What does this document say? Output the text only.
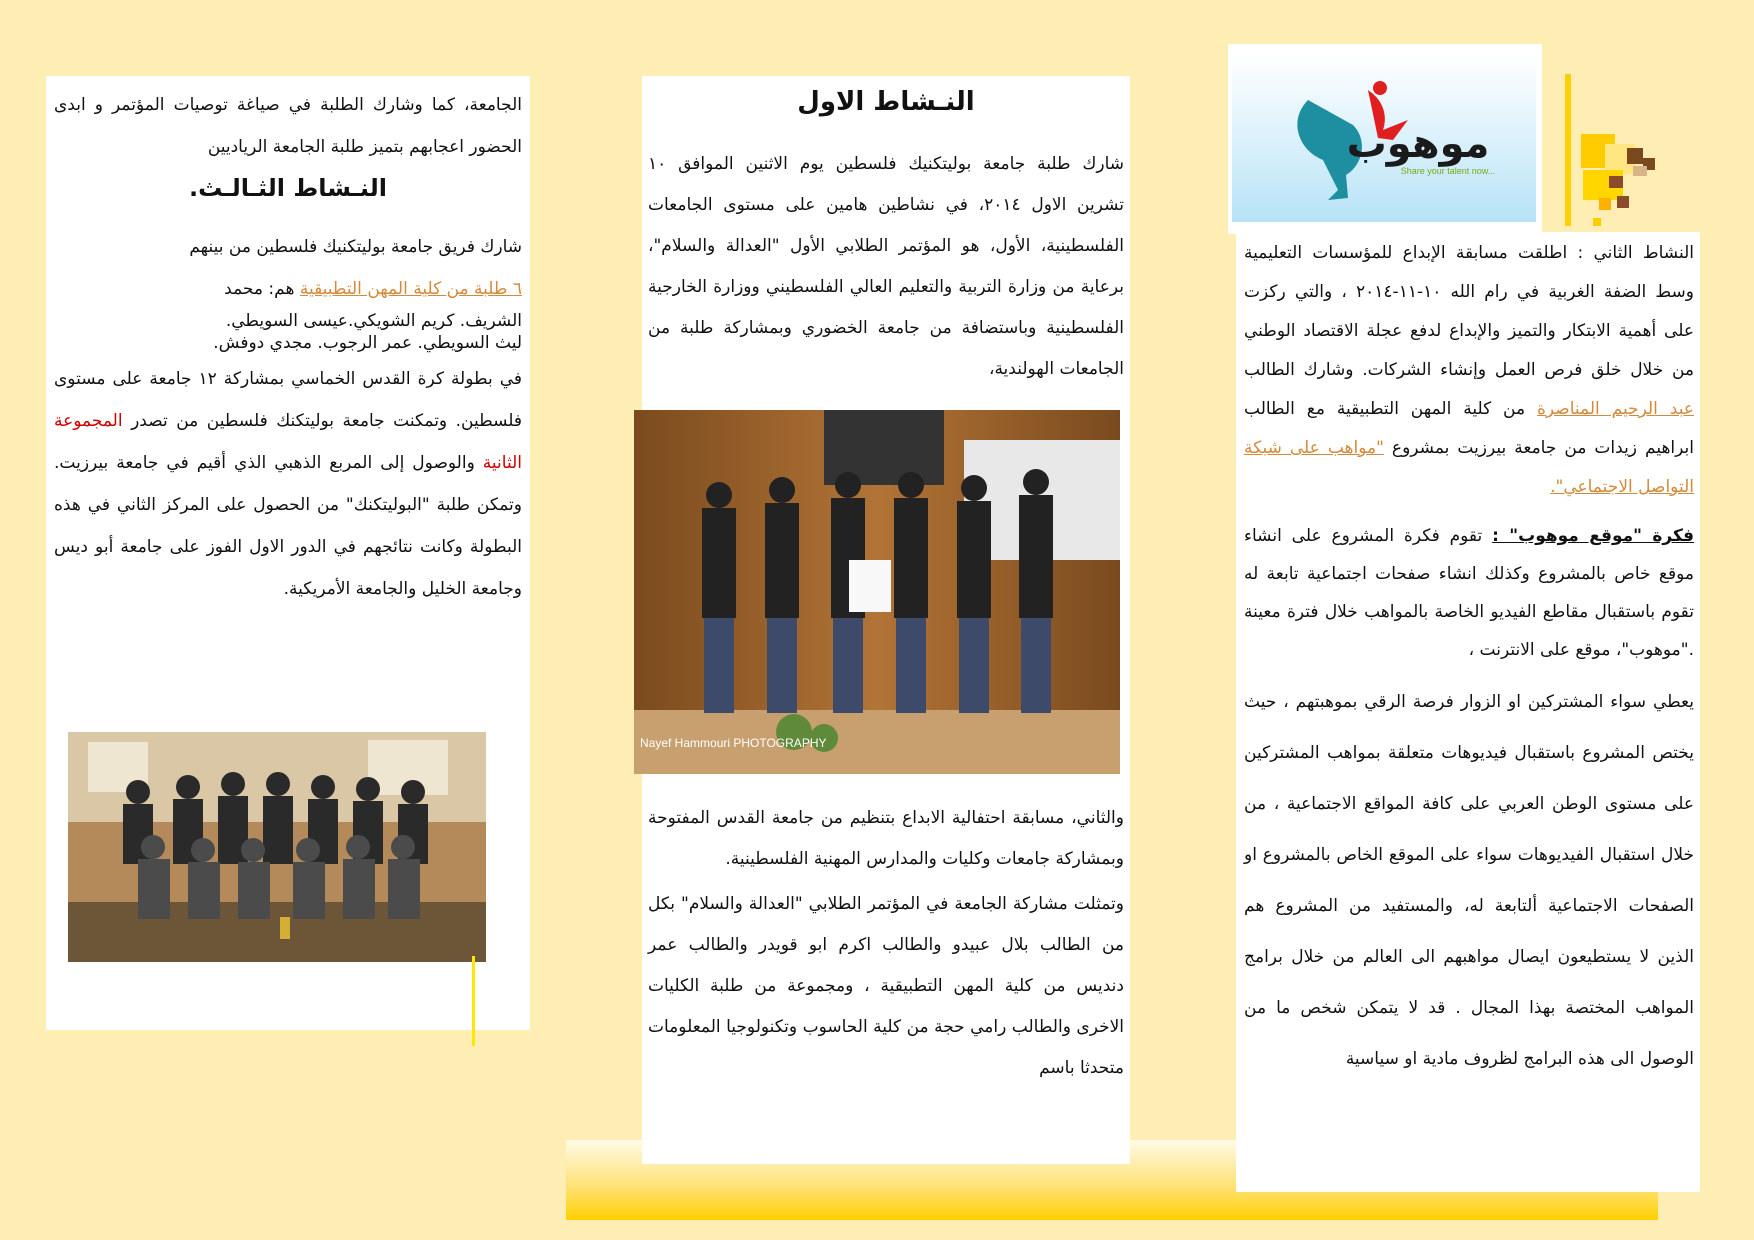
الجامعة، كما وشارك الطلبة في صياغة توصيات المؤتمر و ابدى الحضور اعجابهم بتميز طلبة الجامعة الرياديين

النـشاط الثـالـث.

شارك فريق جامعة بوليتكنيك فلسطين من بينهم

٦ طلبة من كلية المهن التطبيقية هم: محمد

الشريف. كريم الشويكي.عيسى السويطي.

ليث السويطي. عمر الرجوب. مجدي دوفش.

في بطولة كرة القدس الخماسي بمشاركة ١٢ جامعة على مستوى فلسطين. وتمكنت جامعة بوليتكنك فلسطين من تصدر المجموعة الثانية والوصول إلى المربع الذهبي الذي أقيم في جامعة بيرزيت. وتمكن طلبة "البوليتكنك" من الحصول على المركز الثاني في هذه البطولة وكانت نتائجهم في الدور الاول الفوز على جامعة أبو ديس وجامعة الخليل والجامعة الأمريكية.

النـشاط الاول

شارك طلبة جامعة بوليتكنيك فلسطين يوم الاثنين الموافق ١٠ تشرين الاول ٢٠١٤، في نشاطين هامين على مستوى الجامعات الفلسطينية، الأول، هو المؤتمر الطلابي الأول "العدالة والسلام"، برعاية من وزارة التربية والتعليم العالي الفلسطيني ووزارة الخارجية الفلسطينية وباستضافة من جامعة الخضوري وبمشاركة طلبة من الجامعات الهولندية،

Nayef Hammouri PHOTOGRAPHY

والثاني، مسابقة احتفالية الابداع بتنظيم من جامعة القدس المفتوحة وبمشاركة جامعات وكليات والمدارس المهنية الفلسطينية.

وتمثلت مشاركة الجامعة في المؤتمر الطلابي "العدالة والسلام" بكل من الطالب بلال عبيدو والطالب اكرم ابو قويدر والطالب عمر دنديس من كلية المهن التطبيقية ، ومجموعة من طلبة الكليات الاخرى والطالب رامي حجة من كلية الحاسوب وتكنولوجيا المعلومات متحدثا باسم

موهوب
Share your talent now...

النشاط الثاني : اطلقت مسابقة الإبداع للمؤسسات التعليمية وسط الضفة الغربية في رام الله ١٠-١١-٢٠١٤ ، والتي ركزت على أهمية الابتكار والتميز والإبداع لدفع عجلة الاقتصاد الوطني من خلال خلق فرص العمل وإنشاء الشركات. وشارك الطالب عبد الرحيم المناصرة من كلية المهن التطبيقية مع الطالب ابراهيم زيدات من جامعة بيرزيت بمشروع "مواهب على شبكة التواصل الاجتماعي".

فكرة "موقع موهوب" : تقوم فكرة المشروع على انشاء موقع خاص بالمشروع وكذلك انشاء صفحات اجتماعية تابعة له تقوم باستقبال مقاطع الفيديو الخاصة بالمواهب خلال فترة معينة ."موهوب"، موقع على الانترنت ،

يعطي سواء المشتركين او الزوار فرصة الرقي بموهبتهم ، حيث يختص المشروع باستقبال فيديوهات متعلقة بمواهب المشتركين على مستوى الوطن العربي على كافة المواقع الاجتماعية ، من خلال استقبال الفيديوهات سواء على الموقع الخاص بالمشروع او الصفحات الاجتماعية ألتابعة له، والمستفيد من المشروع هم الذين لا يستطيعون ايصال مواهبهم الى العالم من خلال برامج المواهب المختصة بهذا المجال . قد لا يتمكن شخص ما من الوصول الى هذه البرامج لظروف مادية او سياسية
